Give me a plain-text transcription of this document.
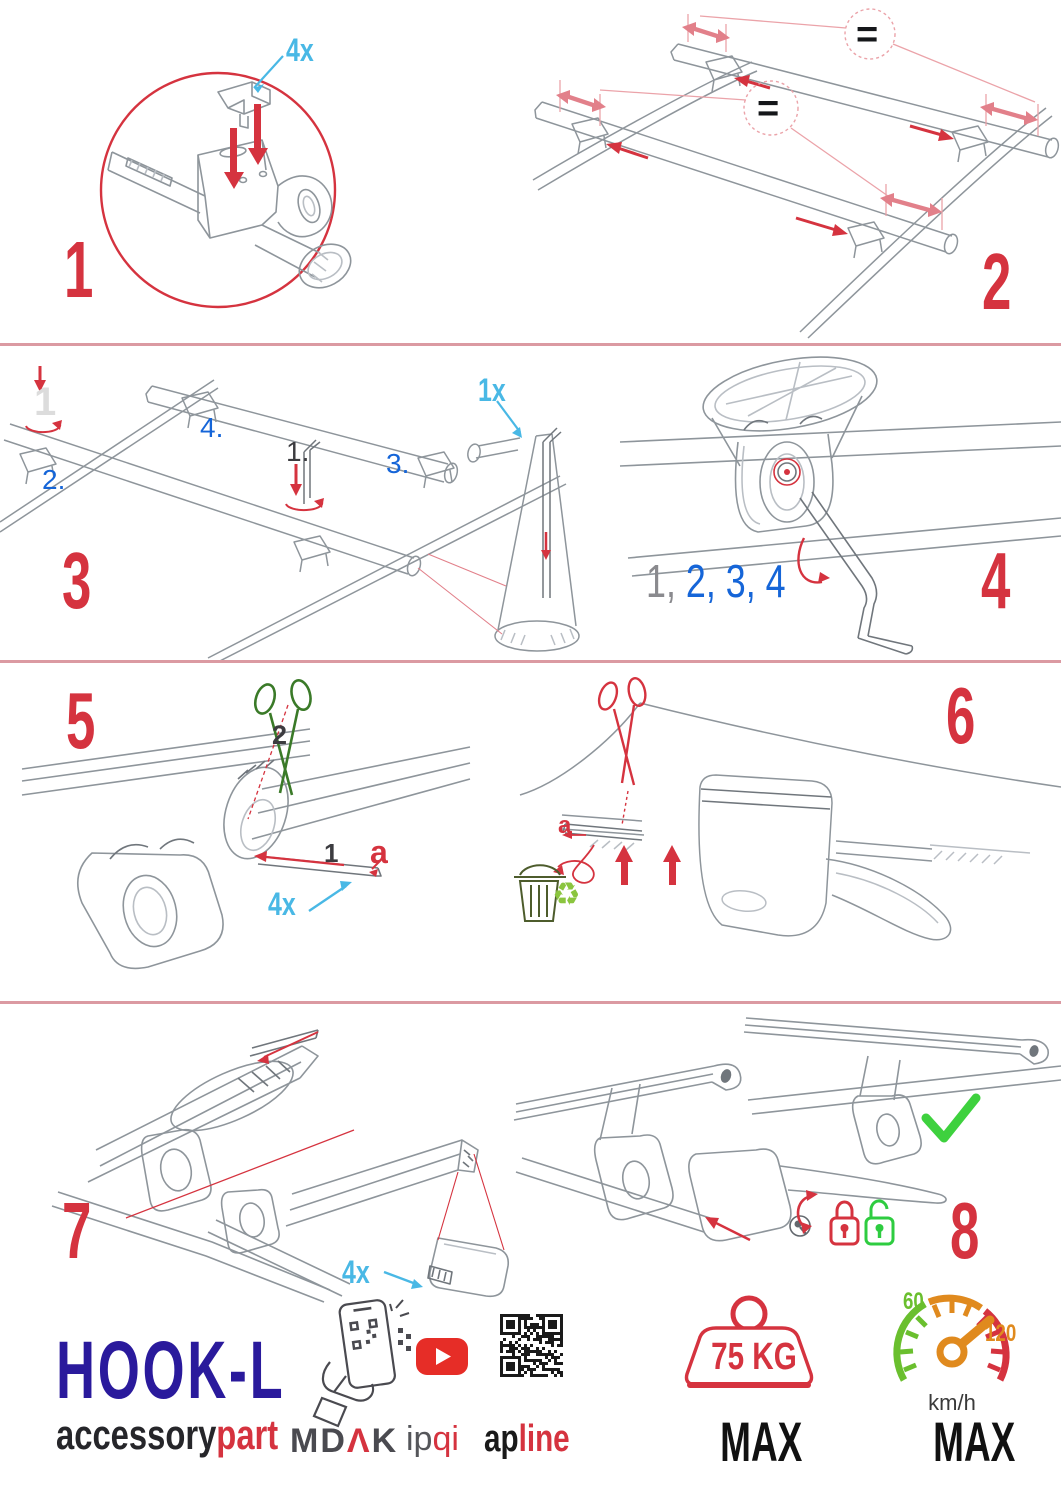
1	2
3	4
5	6
7	8
4x
1x
4x
4x
=
=
1
2.
4.
1.	3.
1, 2, 3, 4
2
1 a
a
♻
HOOK-L
accessorypart MDΛK ipqi apline
75 KG
MAX
60
120
km/h
MAX
